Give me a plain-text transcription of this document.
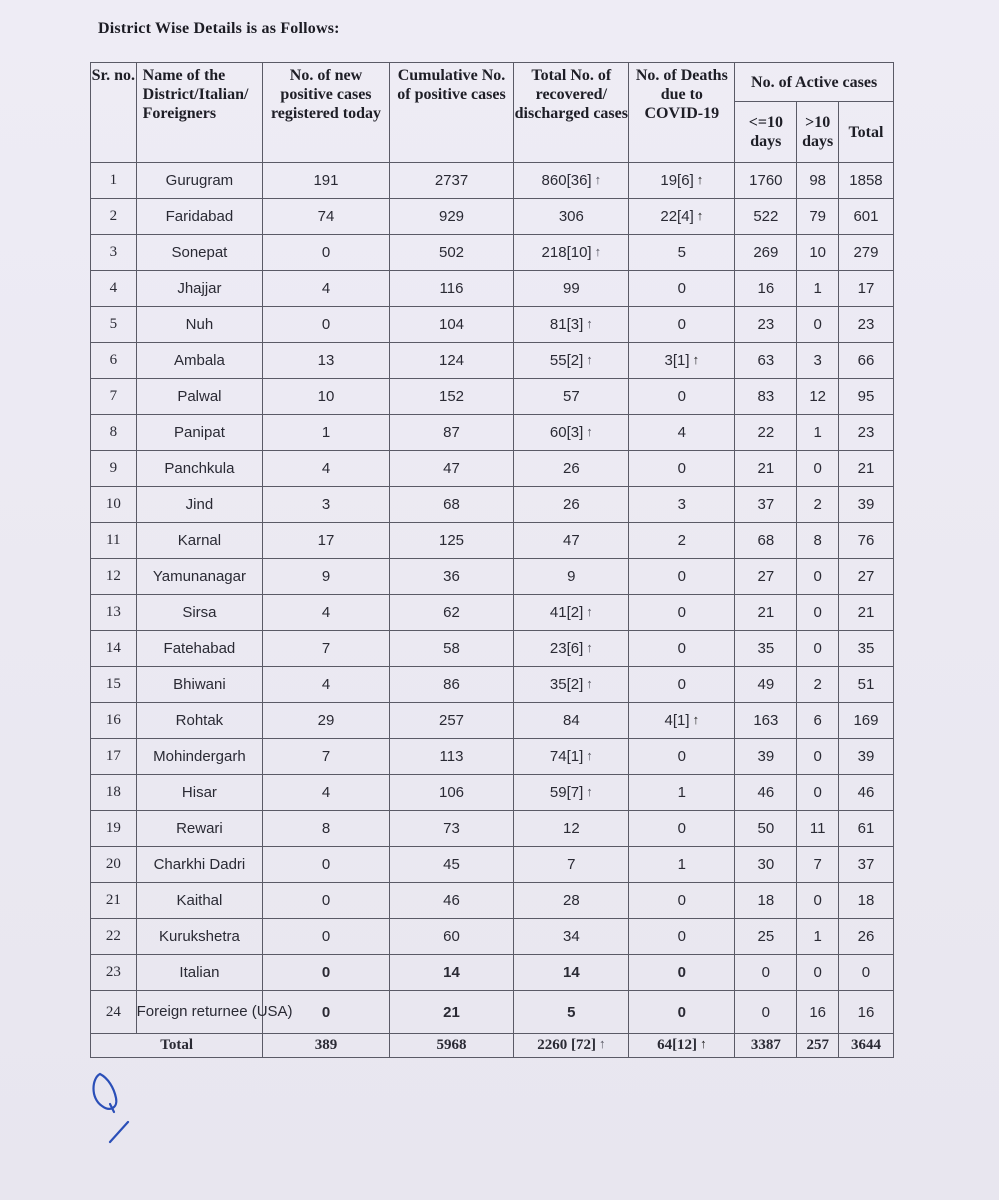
District Wise Details is as Follows:
Sr. no.	Name of the District/Italian/ Foreigners	No. of new positive cases registered today	Cumulative No. of positive cases	Total No. of recovered/ discharged cases	No. of Deaths due to COVID-19	No. of Active cases		
						<=10 days	>10 days	Total
1	Gurugram	191	2737	860[36] ↑	19[6] ↑	1760	98	1858
2	Faridabad	74	929	306	22[4] ↑	522	79	601
3	Sonepat	0	502	218[10] ↑	5	269	10	279
4	Jhajjar	4	116	99	0	16	1	17
5	Nuh	0	104	81[3] ↑	0	23	0	23
6	Ambala	13	124	55[2] ↑	3[1] ↑	63	3	66
7	Palwal	10	152	57	0	83	12	95
8	Panipat	1	87	60[3] ↑	4	22	1	23
9	Panchkula	4	47	26	0	21	0	21
10	Jind	3	68	26	3	37	2	39
11	Karnal	17	125	47	2	68	8	76
12	Yamunanagar	9	36	9	0	27	0	27
13	Sirsa	4	62	41[2] ↑	0	21	0	21
14	Fatehabad	7	58	23[6] ↑	0	35	0	35
15	Bhiwani	4	86	35[2] ↑	0	49	2	51
16	Rohtak	29	257	84	4[1] ↑	163	6	169
17	Mohindergarh	7	113	74[1] ↑	0	39	0	39
18	Hisar	4	106	59[7] ↑	1	46	0	46
19	Rewari	8	73	12	0	50	11	61
20	Charkhi Dadri	0	45	7	1	30	7	37
21	Kaithal	0	46	28	0	18	0	18
22	Kurukshetra	0	60	34	0	25	1	26
23	Italian	0	14	14	0	0	0	0
24	Foreign returnee (USA)	0	21	5	0	0	16	16
Total		389	5968	2260 [72] ↑	64[12] ↑	3387	257	3644
